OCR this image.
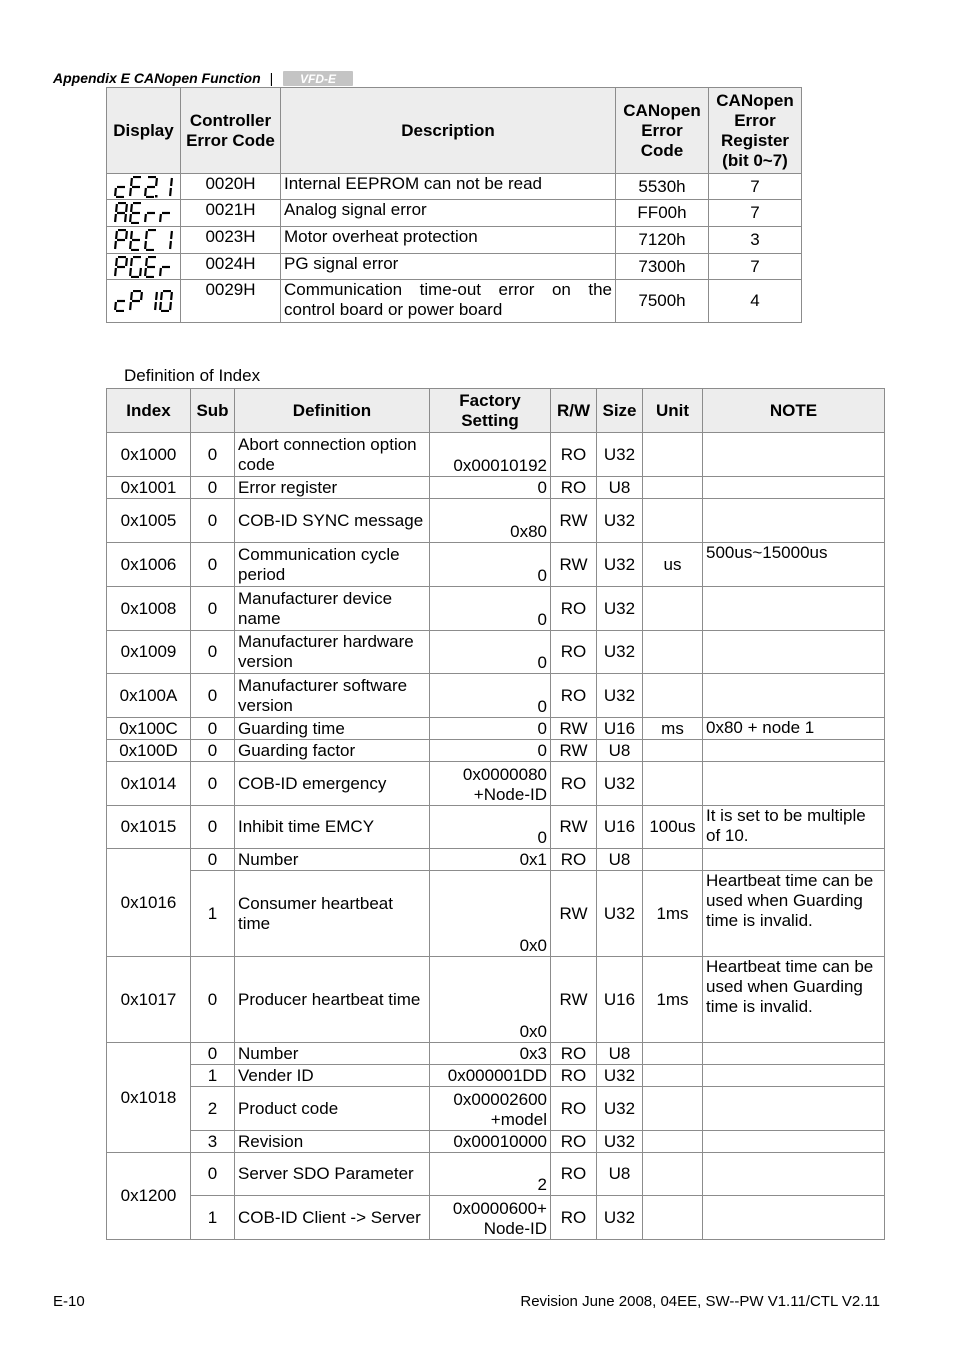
Appendix E CANopen Function | VFD-E
Display	Controller Error Code	Description	CANopen Error Code	CANopen Error Register (bit 0~7)

	0020H	Internal EEPROM can not be read	5530h	7

	0021H	Analog signal error	FF00h	7

	0023H	Motor overheat protection	7120h	3

	0024H	PG signal error	7300h	7

	0029H	Communication time-out error on the control board or power board	7500h	4
Definition of Index
Index	Sub	Definition	Factory Setting	R/W	Size	Unit	NOTE
0x1000	0	Abort connection option code	0x00010192	RO	U32		
0x1001	0	Error register	0	RO	U8		
0x1005	0	COB-ID SYNC message	0x80	RW	U32		
0x1006	0	Communication cycle period	0	RW	U32	us	500us~15000us
0x1008	0	Manufacturer device name	0	RO	U32		
0x1009	0	Manufacturer hardware version	0	RO	U32		
0x100A	0	Manufacturer software version	0	RO	U32		
0x100C	0	Guarding time	0	RW	U16	ms	0x80 + node 1
0x100D	0	Guarding factor	0	RW	U8		
0x1014	0	COB-ID emergency	0x0000080 +Node-ID	RO	U32		
0x1015	0	Inhibit time EMCY	0	RW	U16	100us	It is set to be multiple of 10.
0x1016	0	Number	0x1	RO	U8		
	1	Consumer heartbeat time	0x0	RW	U32	1ms	Heartbeat time can be used when Guarding time is invalid.
0x1017	0	Producer heartbeat time	0x0	RW	U16	1ms	Heartbeat time can be used when Guarding time is invalid.
0x1018	0	Number	0x3	RO	U8		
	1	Vender ID	0x000001DD	RO	U32		
	2	Product code	0x00002600 +model	RO	U32		
	3	Revision	0x00010000	RO	U32		
0x1200	0	Server SDO Parameter	2	RO	U8		
	1	COB-ID Client -> Server	0x0000600+ Node-ID	RO	U32		
E-10	Revision June 2008, 04EE, SW--PW V1.11/CTL V2.11
